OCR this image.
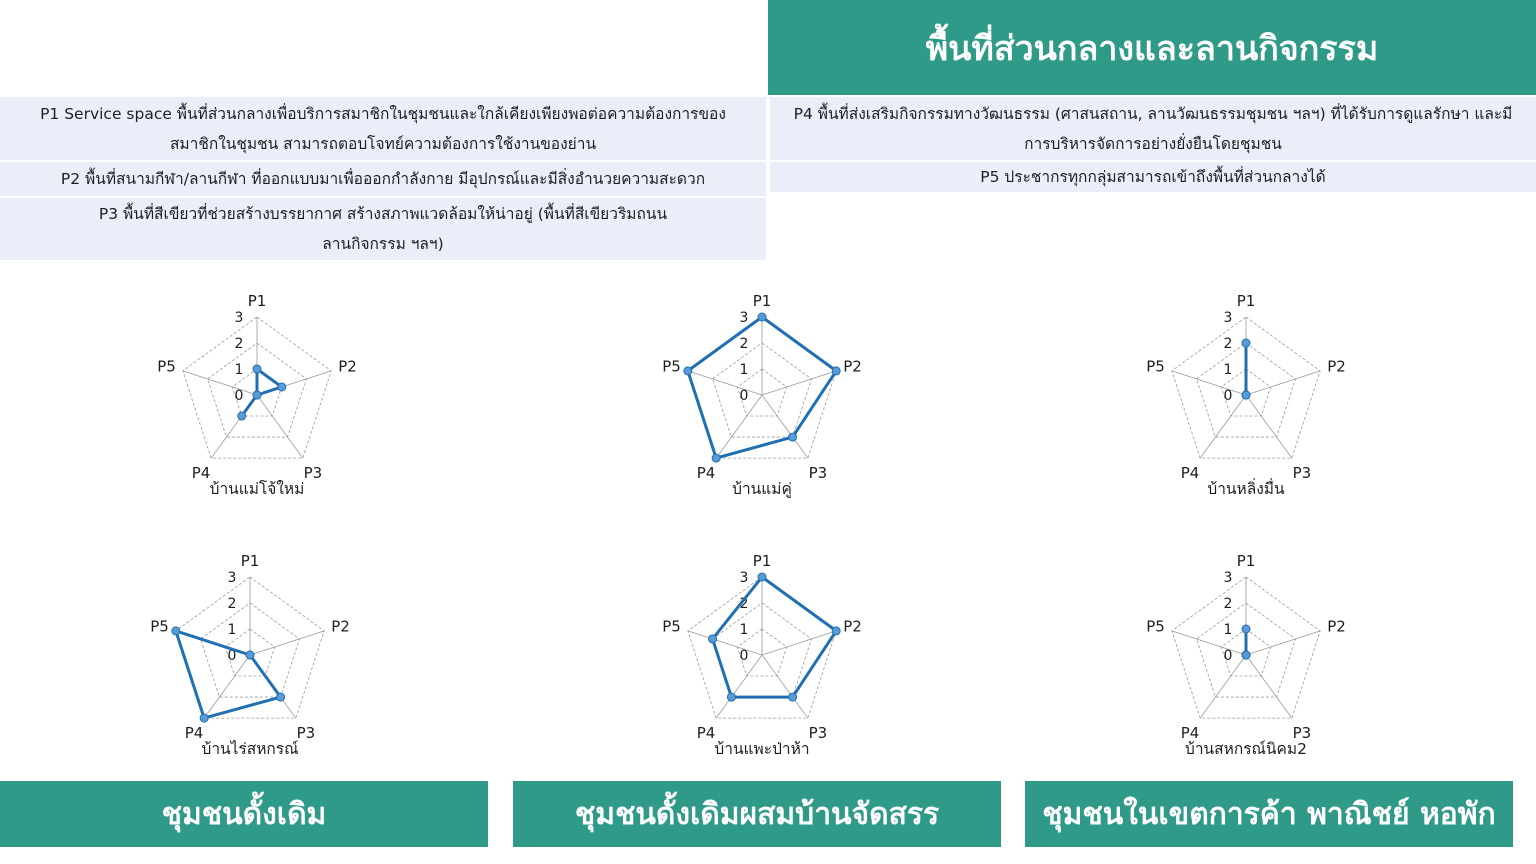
พื้นที่ส่วนกลางและลานกิจกรรม
P1 Service space พื้นที่ส่วนกลางเพื่อบริการสมาชิกในชุมชนและใกล้เคียงเพียงพอต่อความต้องการของ
สมาชิกในชุมชน สามารถตอบโจทย์ความต้องการใช้งานของย่าน
P2 พื้นที่สนามกีฬา/ลานกีฬา ที่ออกแบบมาเพื่อออกกำลังกาย มีอุปกรณ์และมีสิ่งอำนวยความสะดวก
P3 พื้นที่สีเขียวที่ช่วยสร้างบรรยากาศ สร้างสภาพแวดล้อมให้น่าอยู่ (พื้นที่สีเขียวริมถนน
ลานกิจกรรม ฯลฯ)
P4 พื้นที่ส่งเสริมกิจกรรมทางวัฒนธรรม (ศาสนสถาน, ลานวัฒนธรรมชุมชน ฯลฯ) ที่ได้รับการดูแลรักษา และมี
การบริหารจัดการอย่างยั่งยืนโดยชุมชน
P5 ประชากรทุกกลุ่มสามารถเข้าถึงพื้นที่ส่วนกลางได้
0
1
2
3
P1
P2
P3
P4
P5
บ้านแม่โจ้ใหม่
0
1
2
3
P1
P2
P3
P4
P5
บ้านแม่คู่
0
1
2
3
P1
P2
P3
P4
P5
บ้านหลิ่งมื่น
0
1
2
3
P1
P2
P3
P4
P5
บ้านไร่สหกรณ์
0
1
2
3
P1
P2
P3
P4
P5
บ้านแพะป่าห้า
0
1
2
3
P1
P2
P3
P4
P5
บ้านสหกรณ์นิคม2
ชุมชนดั้งเดิม	ชุมชนดั้งเดิมผสมบ้านจัดสรร	ชุมชนในเขตการค้า พาณิชย์ หอพัก
